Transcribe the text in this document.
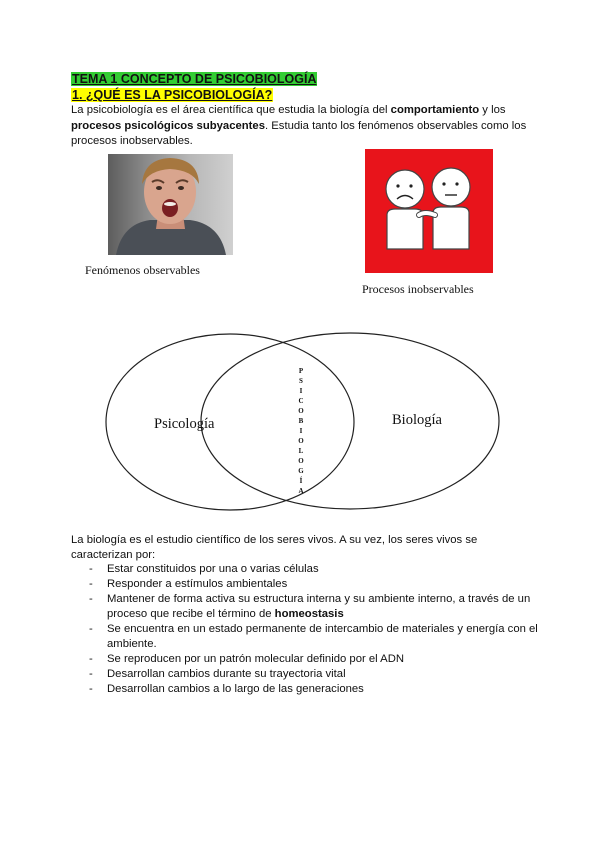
TEMA 1 CONCEPTO DE PSICOBIOLOGÍA
1. ¿QUÉ ES LA PSICOBIOLOGÍA?
La psicobiología es el área científica que estudia la biología del comportamiento y los procesos psicológicos subyacentes. Estudia tanto los fenómenos observables como los procesos inobservables.
Fenómenos observables
Procesos inobservables
Psicología	Biología
P
S
I
C
O
B
I
O
L
O
G
Í
A
La biología es el estudio científico de los seres vivos. A su vez, los seres vivos se caracterizan por:
- Estar constituidos por una o varias células
- Responder a estímulos ambientales
- Mantener de forma activa su estructura interna y su ambiente interno, a través de un proceso que recibe el término de homeostasis
- Se encuentra en un estado permanente de intercambio de materiales y energía con el ambiente.
- Se reproducen por un patrón molecular definido por el ADN
- Desarrollan cambios durante su trayectoria vital
- Desarrollan cambios a lo largo de las generaciones
